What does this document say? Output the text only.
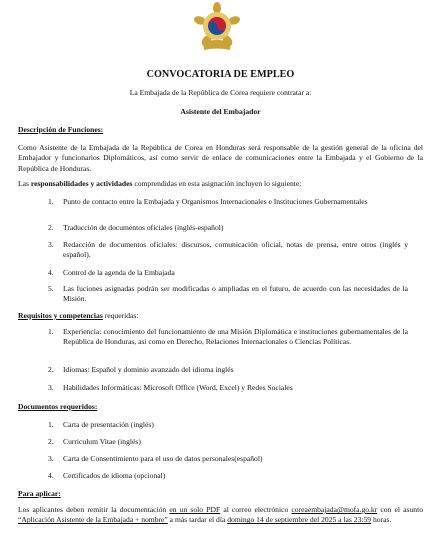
CONVOCATORIA DE EMPLEO
La Embajada de la República de Corea requiere contratar a:
Asistente del Embajador
Descripción de Funciones:
Como Asistente de la Embajada de la República de Corea en Honduras será responsable de la gestión general de la oficina del Embajador y funcionarios Diplomáticos, así como servir de enlace de comunicaciones entre la Embajada y el Gobierno de la República de Honduras.
Las responsabilidades y actividades comprendidas en esta asignación incluyen lo siguiente:
1. Punto de contacto entre la Embajada y Organismos Internacionales e Instituciones Gubernamentales
2. Traducción de documentos oficiales (inglés-español)
3. Redacción de documentos oficiales: discursos, comunicación oficial, notas de prensa, entre otros (inglés y español).
4. Control de la agenda de la Embajada
5. Las fuciones asignadas podrán ser modificadas o ampliadas en el futuro, de acuerdo con las necesidades de la Misión.
Requisitos y competencias requeridas:
1. Experiencia: conocimiento del funcionamiento de una Misión Diplomática e instituciones gubernamentales de la República de Honduras, así como en Derecho, Relaciones Internacionales o Ciencias Políticas.
2. Idiomas: Español y dominio avanzado del idioma inglés
3. Habilidades Informáticas: Microsoft Office (Word, Excel) y Redes Sociales
Documentos requeridos:
1. Carta de presentación (inglés)
2. Curriculum Vitae (inglés)
3. Carta de Consentimiento para el uso de datos personales(español)
4. Certificados de idioma (opcional)
Para aplicar:
Los aplicantes deben remitir la documentación en un solo PDF al correo electrónico coreaembajada@mofa.go.kr con el asunto “Aplicación Asistente de la Embajada + nombre” a más tardar el día domingo 14 de septiembre del 2025 a las 23:59 horas.
